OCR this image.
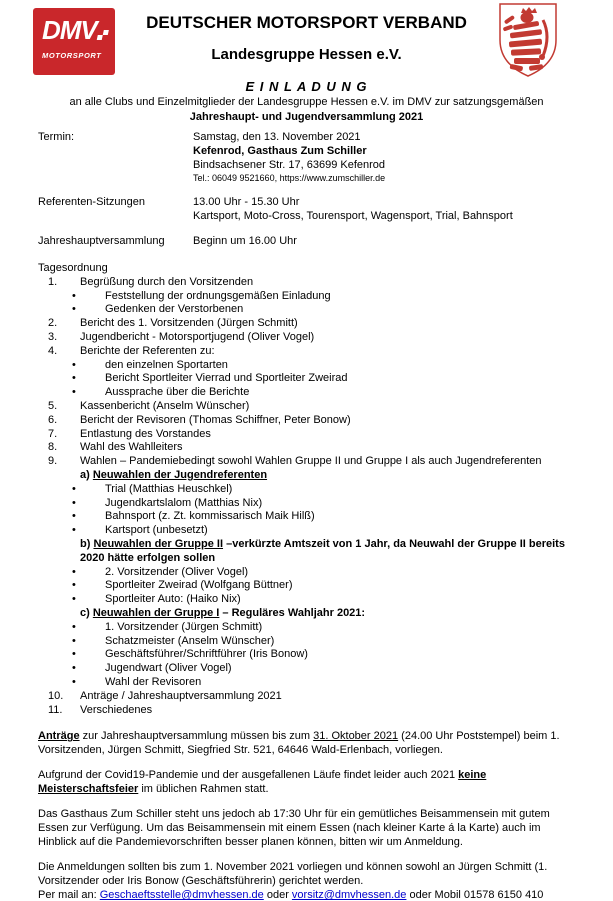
DMV
MOTORSPORT
DEUTSCHER MOTORSPORT VERBAND
Landesgruppe Hessen e.V.
E I N L A D U N G
an alle Clubs und Einzelmitglieder der Landesgruppe Hessen e.V. im DMV zur satzungsgemäßen
Jahreshaupt- und Jugendversammlung 2021
Termin:	Samstag, den 13. November 2021
Kefenrod, Gasthaus Zum Schiller
Bindsachsener Str. 17, 63699 Kefenrod
Tel.: 06049 9521660, https://www.zumschiller.de
Referenten-Sitzungen	13.00 Uhr - 15.30 Uhr
Kartsport, Moto-Cross, Tourensport, Wagensport, Trial, Bahnsport
Jahreshauptversammlung	Beginn um 16.00 Uhr
Tagesordnung
1.	Begrüßung durch den Vorsitzenden
•	Feststellung der ordnungsgemäßen Einladung
•	Gedenken der Verstorbenen
2.	Bericht des 1. Vorsitzenden (Jürgen Schmitt)
3.	Jugendbericht - Motorsportjugend (Oliver Vogel)
4.	Berichte der Referenten zu:
•	den einzelnen Sportarten
•	Bericht Sportleiter Vierrad und Sportleiter Zweirad
•	Aussprache über die Berichte
5.	Kassenbericht (Anselm Wünscher)
6.	Bericht der Revisoren (Thomas Schiffner, Peter Bonow)
7.	Entlastung des Vorstandes
8.	Wahl des Wahlleiters
9.	Wahlen – Pandemiebedingt sowohl Wahlen Gruppe II und Gruppe I als auch Jugendreferenten
a) Neuwahlen der Jugendreferenten
•	Trial (Matthias Heuschkel)
•	Jugendkartslalom (Matthias Nix)
•	Bahnsport (z. Zt. kommissarisch Maik Hilß)
•	Kartsport (unbesetzt)
b) Neuwahlen der Gruppe II –verkürzte Amtszeit von 1 Jahr, da Neuwahl der Gruppe II bereits 2020 hätte erfolgen sollen
•	2. Vorsitzender (Oliver Vogel)
•	Sportleiter Zweirad (Wolfgang Büttner)
•	Sportleiter Auto: (Haiko Nix)
c) Neuwahlen der Gruppe I – Reguläres Wahljahr 2021:
•	1. Vorsitzender (Jürgen Schmitt)
•	Schatzmeister (Anselm Wünscher)
•	Geschäftsführer/Schriftführer (Iris Bonow)
•	Jugendwart (Oliver Vogel)
•	Wahl der Revisoren
10.	Anträge / Jahreshauptversammlung 2021
11.	Verschiedenes
Anträge zur Jahreshauptversammlung müssen bis zum 31. Oktober 2021 (24.00 Uhr Poststempel) beim 1. Vorsitzenden, Jürgen Schmitt, Siegfried Str. 521, 64646 Wald-Erlenbach, vorliegen.
Aufgrund der Covid19-Pandemie und der ausgefallenen Läufe findet leider auch 2021 keine Meisterschaftsfeier im üblichen Rahmen statt.
Das Gasthaus Zum Schiller steht uns jedoch ab 17:30 Uhr für ein gemütliches Beisammensein mit gutem Essen zur Verfügung. Um das Beisammensein mit einem Essen (nach kleiner Karte á la Karte) auch im Hinblick auf die Pandemievorschriften besser planen können, bitten wir um Anmeldung.
Die Anmeldungen sollten bis zum 1. November 2021 vorliegen und können sowohl an Jürgen Schmitt (1. Vorsitzender oder Iris Bonow (Geschäftsführerin) gerichtet werden.
Per mail an: Geschaeftsstelle@dmvhessen.de oder vorsitz@dmvhessen.de oder Mobil 01578 6150 410
